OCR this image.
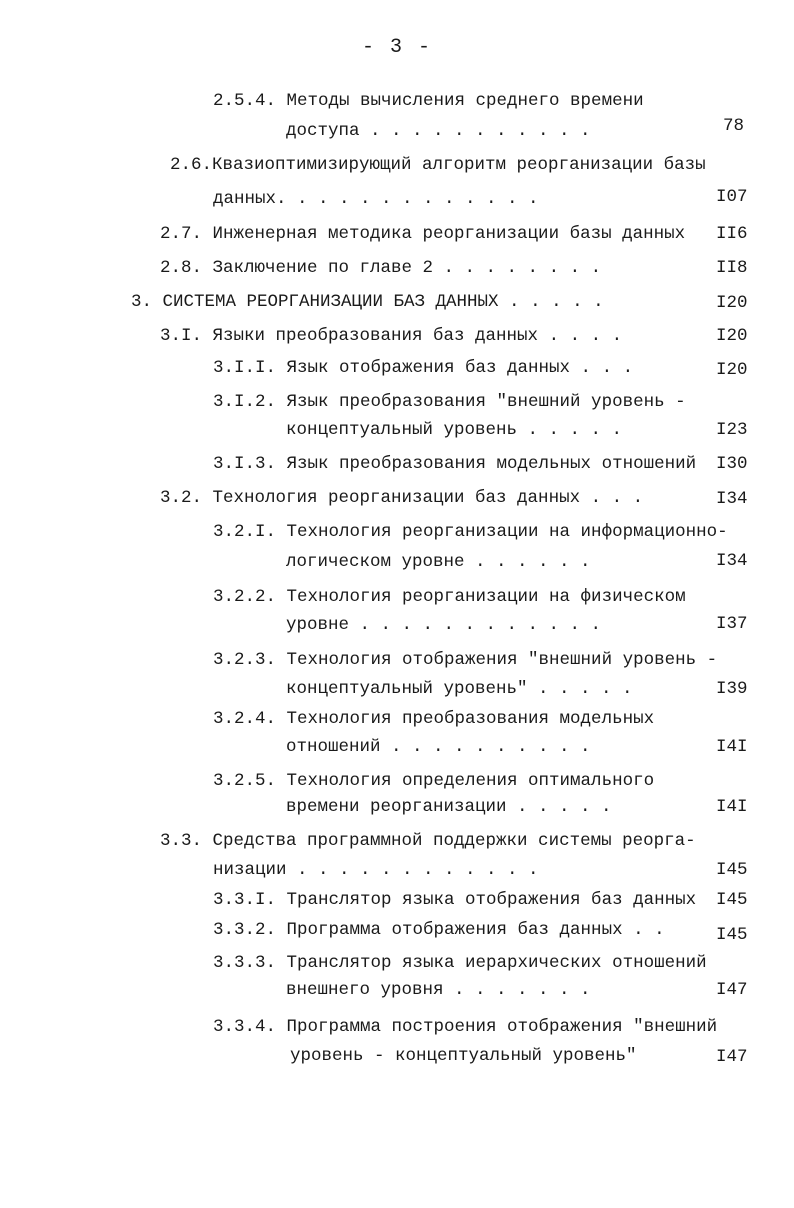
- 3 -
2.5.4. Методы вычисления среднего времени
доступа . . . . . . . . . . .	78
2.6.Квазиоптимизирующий алгоритм реорганизации базы
данных. . . . . . . . . . . . .	I07
2.7. Инженерная методика реорганизации базы данных II6
2.8. Заключение по главе 2 . . . . . . . .	II8
3. СИСТЕМА РЕОРГАНИЗАЦИИ БАЗ ДАННЫХ . . . . .	I20
3.I. Языки преобразования баз данных . . . .	I20
3.I.I. Язык отображения баз данных . . .	I20
3.I.2. Язык преобразования "внешний уровень -
концептуальный уровень . . . . .	I23
3.I.3. Язык преобразования модельных отношений I30
3.2. Технология реорганизации баз данных . . .	I34
3.2.I. Технология реорганизации на информационно-
логическом уровне . . . . . .	I34
3.2.2. Технология реорганизации на физическом
уровне . . . . . . . . . . . .	I37
3.2.3. Технология отображения "внешний уровень -
концептуальный уровень" . . . . .	I39
3.2.4. Технология преобразования модельных
отношений . . . . . . . . . .	I4I
3.2.5. Технология определения оптимального
времени реорганизации . . . . .	I4I
3.3. Средства программной поддержки системы реорга-
низации . . . . . . . . . . . .	I45
3.3.I. Транслятор языка отображения баз данных I45
3.3.2. Программа отображения баз данных . .	I45
3.3.3. Транслятор языка иерархических отношений
внешнего уровня . . . . . . .	I47
3.3.4. Программа построения отображения "внешний
уровень - концептуальный уровень"	I47
